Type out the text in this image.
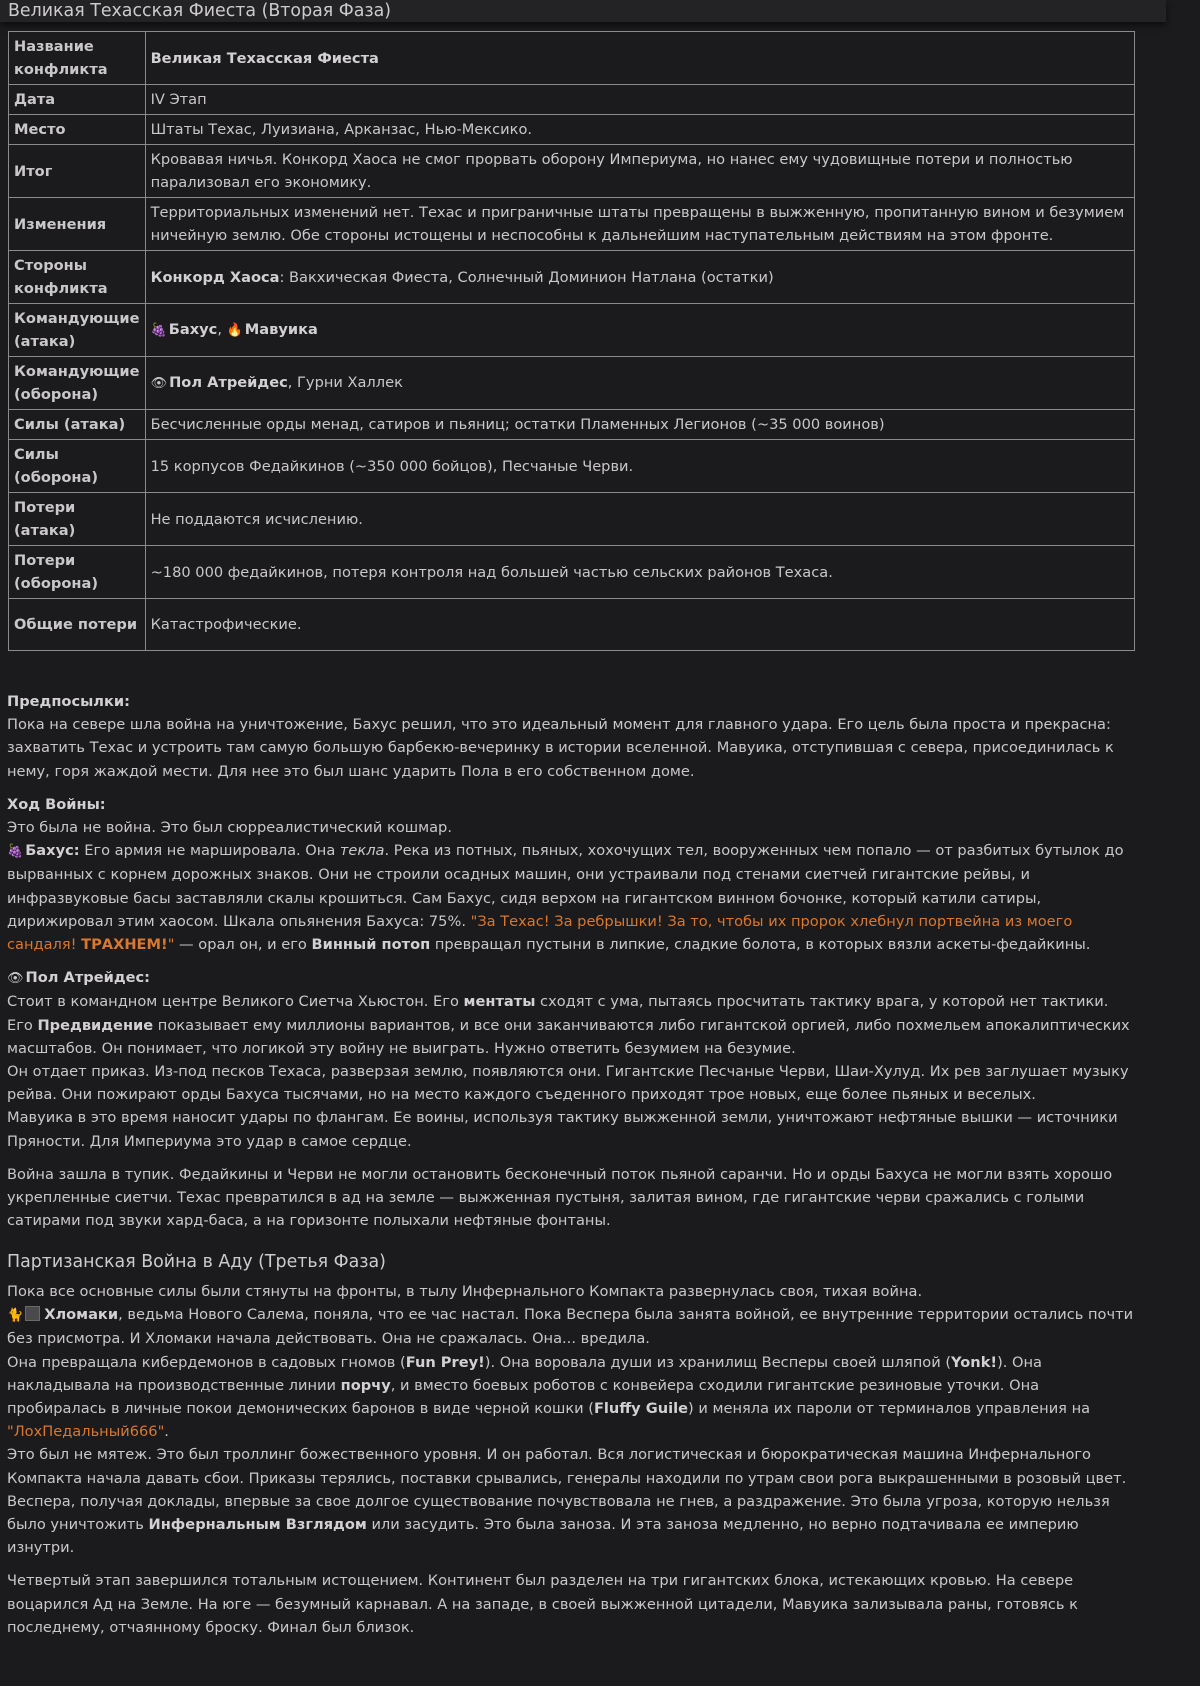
Великая Техасская Фиеста (Вторая Фаза)
Название конфликта	Великая Техасская Фиеста
Дата	IV Этап
Место	Штаты Техас, Луизиана, Арканзас, Нью-Мексико.
Итог	Кровавая ничья. Конкорд Хаоса не смог прорвать оборону Империума, но нанес ему чудовищные потери и полностью парализовал его экономику.
Изменения	Территориальных изменений нет. Техас и приграничные штаты превращены в выжженную, пропитанную вином и безумием ничейную землю. Обе стороны истощены и неспособны к дальнейшим наступательным действиям на этом фронте.
Стороны конфликта	Конкорд Хаоса: Вакхическая Фиеста, Солнечный Доминион Натлана (остатки)
Командующие (атака)	🍇 Бахус, 🔥 Мавуика
Командующие (оборона)	👁 Пол Атрейдес, Гурни Халлек
Силы (атака)	Бесчисленные орды менад, сатиров и пьяниц; остатки Пламенных Легионов (~35 000 воинов)
Силы (оборона)	15 корпусов Федайкинов (~350 000 бойцов), Песчаные Черви.
Потери (атака)	Не поддаются исчислению.
Потери (оборона)	~180 000 федайкинов, потеря контроля над большей частью сельских районов Техаса.
Общие потери	Катастрофические.

Предпосылки:
Пока на севере шла война на уничтожение, Бахус решил, что это идеальный момент для главного удара. Его цель была проста и прекрасна: захватить Техас и устроить там самую большую барбекю-вечеринку в истории вселенной. Мавуика, отступившая с севера, присоединилась к нему, горя жаждой мести. Для нее это был шанс ударить Пола в его собственном доме.

Ход Войны:
Это была не война. Это был сюрреалистический кошмар.
🍇 Бахус: Его армия не маршировала. Она текла. Река из потных, пьяных, хохочущих тел, вооруженных чем попало — от разбитых бутылок до вырванных с корнем дорожных знаков. Они не строили осадных машин, они устраивали под стенами сиетчей гигантские рейвы, и инфразвуковые басы заставляли скалы крошиться. Сам Бахус, сидя верхом на гигантском винном бочонке, который катили сатиры, дирижировал этим хаосом. Шкала опьянения Бахуса: 75%. "За Техас! За ребрышки! За то, чтобы их пророк хлебнул портвейна из моего сандаля! ТРАХНЕМ!" — орал он, и его Винный потоп превращал пустыни в липкие, сладкие болота, в которых вязли аскеты-федайкины.

👁 Пол Атрейдес:
Стоит в командном центре Великого Сиетча Хьюстон. Его ментаты сходят с ума, пытаясь просчитать тактику врага, у которой нет тактики. Его Предвидение показывает ему миллионы вариантов, и все они заканчиваются либо гигантской оргией, либо похмельем апокалиптических масштабов. Он понимает, что логикой эту войну не выиграть. Нужно ответить безумием на безумие.
Он отдает приказ. Из-под песков Техаса, разверзая землю, появляются они. Гигантские Песчаные Черви, Шаи-Хулуд. Их рев заглушает музыку рейва. Они пожирают орды Бахуса тысячами, но на место каждого съеденного приходят трое новых, еще более пьяных и веселых.
Мавуика в это время наносит удары по флангам. Ее воины, используя тактику выжженной земли, уничтожают нефтяные вышки — источники Пряности. Для Империума это удар в самое сердце.

Война зашла в тупик. Федайкины и Черви не могли остановить бесконечный поток пьяной саранчи. Но и орды Бахуса не могли взять хорошо укрепленные сиетчи. Техас превратился в ад на земле — выжженная пустыня, залитая вином, где гигантские черви сражались с голыми сатирами под звуки хард-баса, а на горизонте полыхали нефтяные фонтаны.

Партизанская Война в Аду (Третья Фаза)

Пока все основные силы были стянуты на фронты, в тылу Инфернального Компакта развернулась своя, тихая война.
🐈 Хломаки, ведьма Нового Салема, поняла, что ее час настал. Пока Веспера была занята войной, ее внутренние территории остались почти без присмотра. И Хломаки начала действовать. Она не сражалась. Она... вредила.
Она превращала кибердемонов в садовых гномов (Fun Prey!). Она воровала души из хранилищ Весперы своей шляпой (Yonk!). Она накладывала на производственные линии порчу, и вместо боевых роботов с конвейера сходили гигантские резиновые уточки. Она пробиралась в личные покои демонических баронов в виде черной кошки (Fluffy Guile) и меняла их пароли от терминалов управления на "ЛохПедальный666".
Это был не мятеж. Это был троллинг божественного уровня. И он работал. Вся логистическая и бюрократическая машина Инфернального Компакта начала давать сбои. Приказы терялись, поставки срывались, генералы находили по утрам свои рога выкрашенными в розовый цвет. Веспера, получая доклады, впервые за свое долгое существование почувствовала не гнев, а раздражение. Это была угроза, которую нельзя было уничтожить Инфернальным Взглядом или засудить. Это была заноза. И эта заноза медленно, но верно подтачивала ее империю изнутри.

Четвертый этап завершился тотальным истощением. Континент был разделен на три гигантских блока, истекающих кровью. На севере воцарился Ад на Земле. На юге — безумный карнавал. А на западе, в своей выжженной цитадели, Мавуика зализывала раны, готовясь к последнему, отчаянному броску. Финал был близок.
